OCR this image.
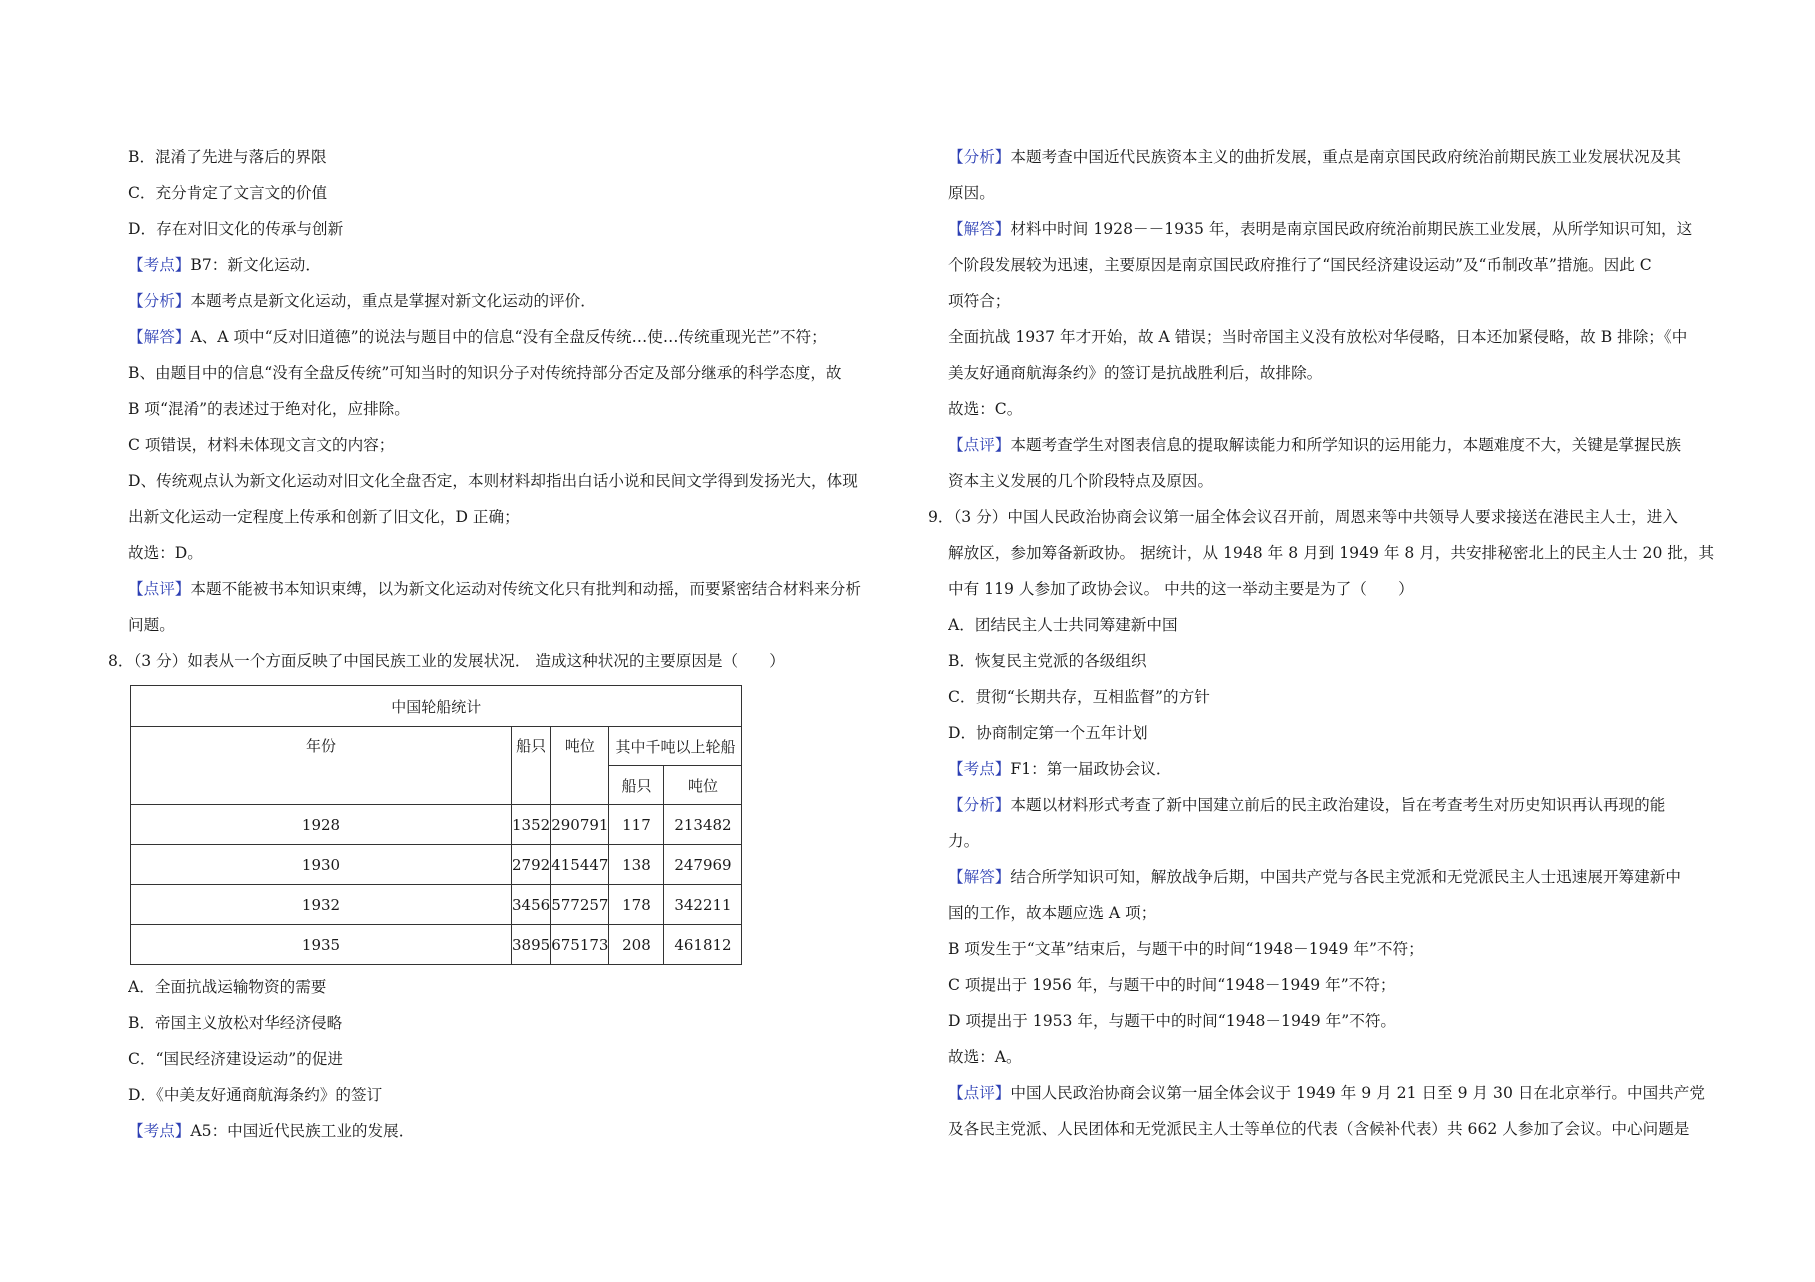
B．混淆了先进与落后的界限
C．充分肯定了文言文的价值
D．存在对旧文化的传承与创新
【考点】B7：新文化运动．
【分析】本题考点是新文化运动，重点是掌握对新文化运动的评价．
【解答】A、A 项中“反对旧道德”的说法与题目中的信息“没有全盘反传统…使…传统重现光芒”不符；
B、由题目中的信息“没有全盘反传统”可知当时的知识分子对传统持部分否定及部分继承的科学态度，故
B 项“混淆”的表述过于绝对化，应排除。
C 项错误，材料未体现文言文的内容；
D、传统观点认为新文化运动对旧文化全盘否定，本则材料却指出白话小说和民间文学得到发扬光大，体现
出新文化运动一定程度上传承和创新了旧文化，D 正确；
故选：D。
【点评】本题不能被书本知识束缚，以为新文化运动对传统文化只有批判和动摇，而要紧密结合材料来分析
问题。
8．（3 分）如表从一个方面反映了中国民族工业的发展状况． 造成这种状况的主要原因是（　　）
中国轮船统计				
年份	船只	吨位	其中千吨以上轮船	
			船只	吨位
1928	1352	290791	117	213482
1930	2792	415447	138	247969
1932	3456	577257	178	342211
1935	3895	675173	208	461812
A．全面抗战运输物资的需要
B．帝国主义放松对华经济侵略
C．“国民经济建设运动”的促进
D．《中美友好通商航海条约》的签订
【考点】A5：中国近代民族工业的发展．
【分析】本题考查中国近代民族资本主义的曲折发展，重点是南京国民政府统治前期民族工业发展状况及其
原因。
【解答】材料中时间 1928－－1935 年，表明是南京国民政府统治前期民族工业发展，从所学知识可知，这
个阶段发展较为迅速，主要原因是南京国民政府推行了“国民经济建设运动”及“币制改革”措施。因此 C
项符合；
全面抗战 1937 年才开始，故 A 错误；当时帝国主义没有放松对华侵略，日本还加紧侵略，故 B 排除；《中
美友好通商航海条约》的签订是抗战胜利后，故排除。
故选：C。
【点评】本题考查学生对图表信息的提取解读能力和所学知识的运用能力，本题难度不大，关键是掌握民族
资本主义发展的几个阶段特点及原因。
9．（3 分）中国人民政治协商会议第一届全体会议召开前，周恩来等中共领导人要求接送在港民主人士，进入
解放区，参加筹备新政协。 据统计，从 1948 年 8 月到 1949 年 8 月，共安排秘密北上的民主人士 20 批，其
中有 119 人参加了政协会议。 中共的这一举动主要是为了（　　）
A．团结民主人士共同筹建新中国
B．恢复民主党派的各级组织
C．贯彻“长期共存，互相监督”的方针
D．协商制定第一个五年计划
【考点】F1：第一届政协会议．
【分析】本题以材料形式考查了新中国建立前后的民主政治建设，旨在考查考生对历史知识再认再现的能
力。
【解答】结合所学知识可知，解放战争后期，中国共产党与各民主党派和无党派民主人士迅速展开筹建新中
国的工作，故本题应选 A 项；
B 项发生于“文革”结束后，与题干中的时间“1948－1949 年”不符；
C 项提出于 1956 年，与题干中的时间“1948－1949 年”不符；
D 项提出于 1953 年，与题干中的时间“1948－1949 年”不符。
故选：A。
【点评】中国人民政治协商会议第一届全体会议于 1949 年 9 月 21 日至 9 月 30 日在北京举行。中国共产党
及各民主党派、人民团体和无党派民主人士等单位的代表（含候补代表）共 662 人参加了会议。中心问题是
